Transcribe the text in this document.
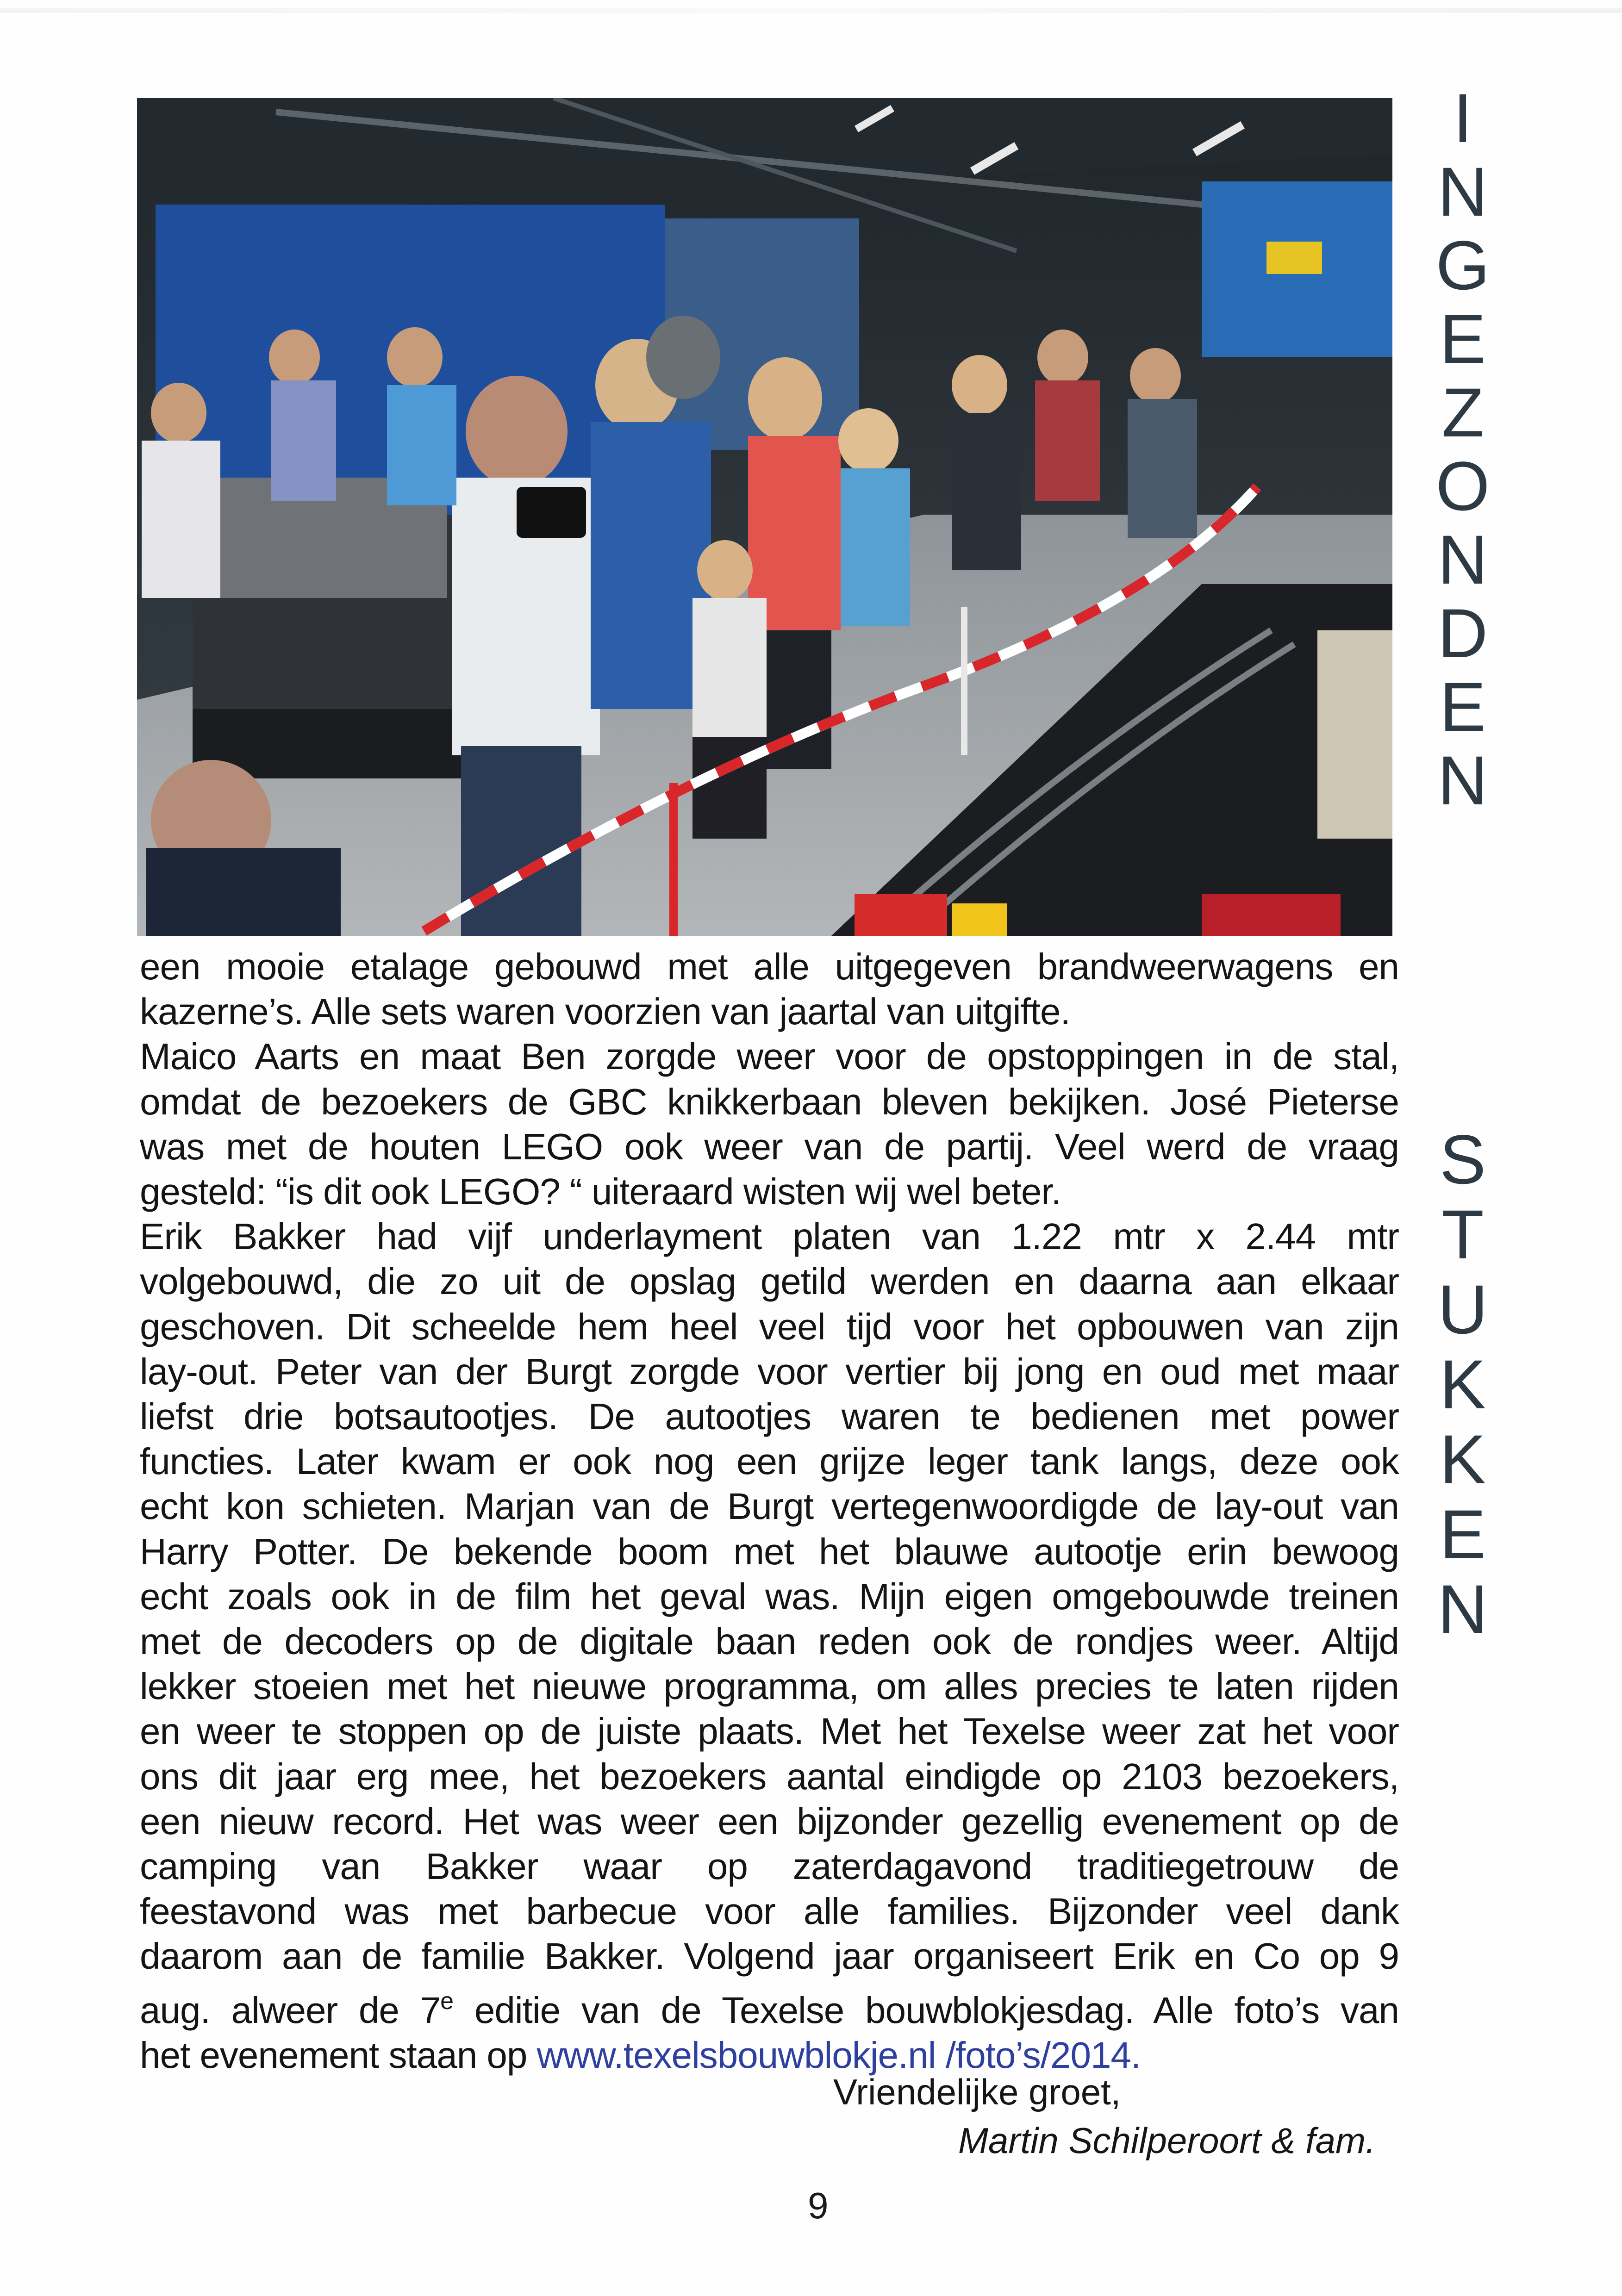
I
N
G
E
Z
O
N
D
E
N
S
T
U
K
K
E
N
een mooie etalage gebouwd met alle uitgegeven brandweerwagens en
kazerne’s. Alle sets waren voorzien van jaartal van uitgifte.
Maico Aarts en maat Ben zorgde weer voor de opstoppingen in de stal,
omdat de bezoekers de GBC knikkerbaan bleven bekijken. José Pieterse
was met de houten LEGO ook weer van de partij. Veel werd de vraag
gesteld: “is dit ook LEGO? “ uiteraard wisten wij wel beter.
Erik Bakker had vijf underlayment platen van 1.22 mtr x 2.44 mtr
volgebouwd, die zo uit de opslag getild werden en daarna aan elkaar
geschoven. Dit scheelde hem heel veel tijd voor het opbouwen van zijn
lay-out. Peter van der Burgt zorgde voor vertier bij jong en oud met maar
liefst drie botsautootjes. De autootjes waren te bedienen met power
functies. Later kwam er ook nog een grijze leger tank langs, deze ook
echt kon schieten. Marjan van de Burgt vertegenwoordigde de lay-out van
Harry Potter. De bekende boom met het blauwe autootje erin bewoog
echt zoals ook in de film het geval was. Mijn eigen omgebouwde treinen
met de decoders op de digitale baan reden ook de rondjes weer. Altijd
lekker stoeien met het nieuwe programma, om alles precies te laten rijden
en weer te stoppen op de juiste plaats. Met het Texelse weer zat het voor
ons dit jaar erg mee, het bezoekers aantal eindigde op 2103 bezoekers,
een nieuw record. Het was weer een bijzonder gezellig evenement op de
camping van Bakker waar op zaterdagavond traditiegetrouw de
feestavond was met barbecue voor alle families. Bijzonder veel dank
daarom aan de familie Bakker. Volgend jaar organiseert Erik en Co op 9
aug. alweer de 7e editie van de Texelse bouwblokjesdag. Alle foto’s van
het evenement staan op www.texelsbouwblokje.nl /foto’s/2014.
Vriendelijke groet,
Martin Schilperoort & fam.
9
